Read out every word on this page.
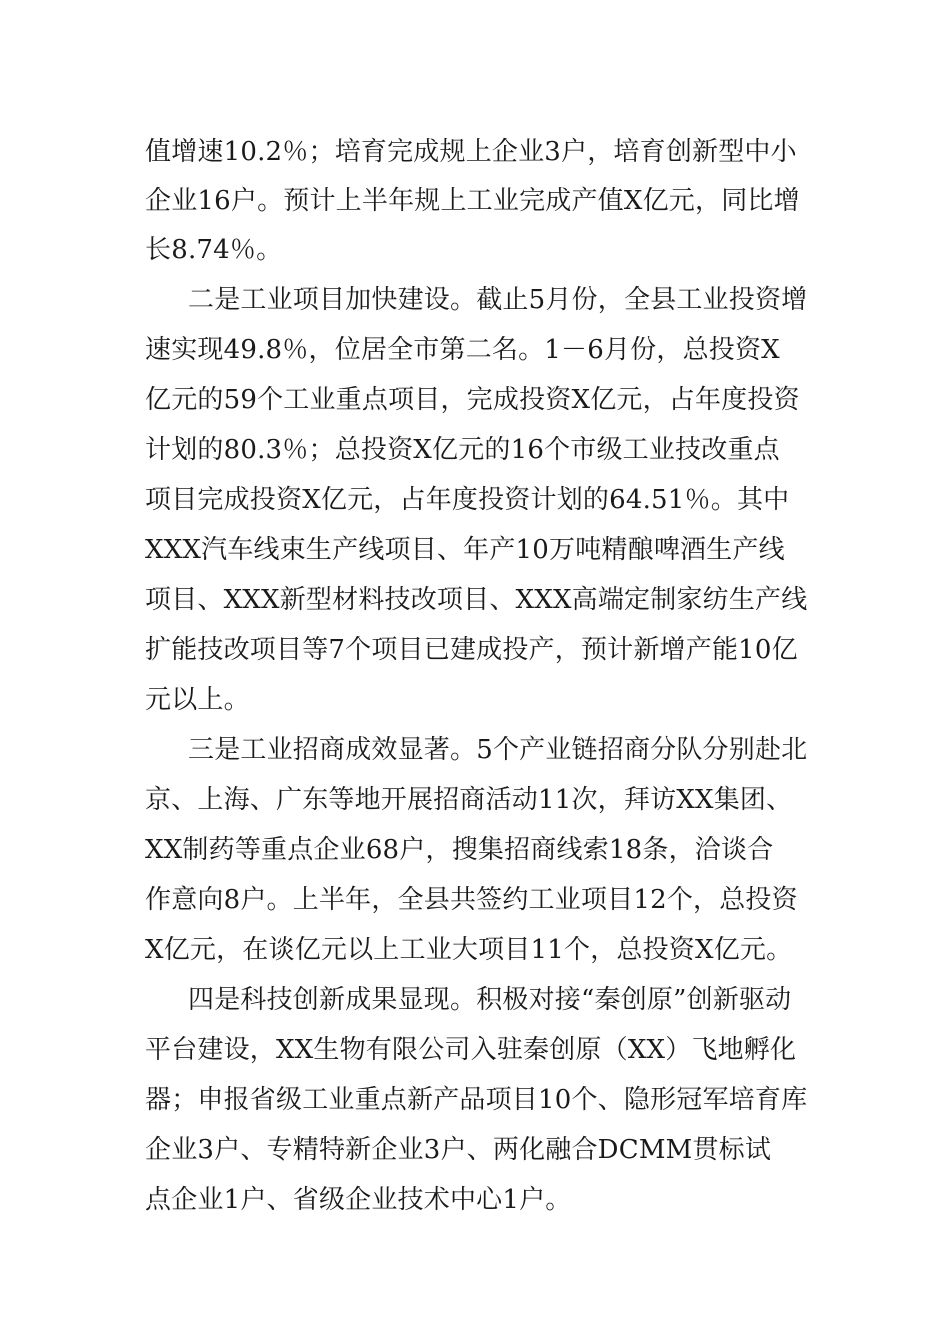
值增速10.2％；培育完成规上企业3户，培育创新型中小
企业16户。预计上半年规上工业完成产值X亿元，同比增
长8.74％。
二是工业项目加快建设。截止5月份，全县工业投资增
速实现49.8％，位居全市第二名。1－6月份，总投资X
亿元的59个工业重点项目，完成投资X亿元，占年度投资
计划的80.3％；总投资X亿元的16个市级工业技改重点
项目完成投资X亿元，占年度投资计划的64.51％。其中
XXX汽车线束生产线项目、年产10万吨精酿啤酒生产线
项目、XXX新型材料技改项目、XXX高端定制家纺生产线
扩能技改项目等7个项目已建成投产，预计新增产能10亿
元以上。
三是工业招商成效显著。5个产业链招商分队分别赴北
京、上海、广东等地开展招商活动11次，拜访XX集团、
XX制药等重点企业68户，搜集招商线索18条，洽谈合
作意向8户。上半年，全县共签约工业项目12个，总投资
X亿元，在谈亿元以上工业大项目11个，总投资X亿元。
四是科技创新成果显现。积极对接“秦创原”创新驱动
平台建设，XX生物有限公司入驻秦创原（XX）飞地孵化
器；申报省级工业重点新产品项目10个、隐形冠军培育库
企业3户、专精特新企业3户、两化融合DCMM贯标试
点企业1户、省级企业技术中心1户。
